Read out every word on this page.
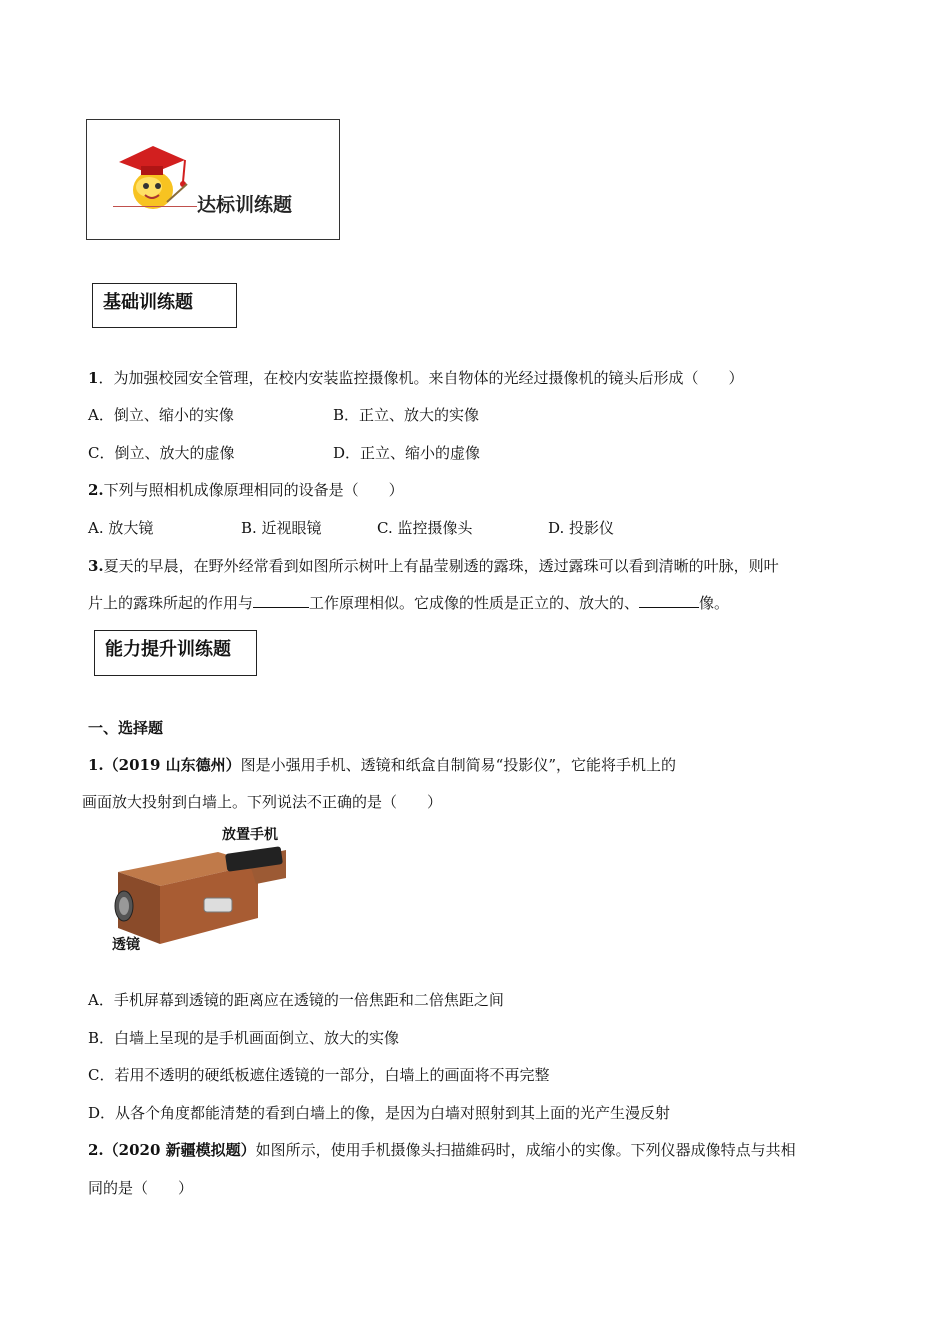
达标训练题
基础训练题
1．为加强校园安全管理，在校内安装监控摄像机。来自物体的光经过摄像机的镜头后形成（　　）
A．倒立、缩小的实像	B．正立、放大的实像
C．倒立、放大的虚像	D．正立、缩小的虚像
2.下列与照相机成像原理相同的设备是（　　）
A. 放大镜	B. 近视眼镜	C. 监控摄像头	D. 投影仪
3.夏天的早晨，在野外经常看到如图所示树叶上有晶莹剔透的露珠，透过露珠可以看到清晰的叶脉，则叶
片上的露珠所起的作用与	工作原理相似。它成像的性质是正立的、放大的、	像。
能力提升训练题
一、选择题
1.（2019 山东德州）图是小强用手机、透镜和纸盒自制简易“投影仪”，它能将手机上的
画面放大投射到白墙上。下列说法不正确的是（　　）
放置手机
透镜
A．手机屏幕到透镜的距离应在透镜的一倍焦距和二倍焦距之间
B．白墙上呈现的是手机画面倒立、放大的实像
C．若用不透明的硬纸板遮住透镜的一部分，白墙上的画面将不再完整
D．从各个角度都能清楚的看到白墙上的像，是因为白墙对照射到其上面的光产生漫反射
2.（2020 新疆模拟题）如图所示，使用手机摄像头扫描維码时，成缩小的实像。下列仪器成像特点与共相
同的是（　　）
